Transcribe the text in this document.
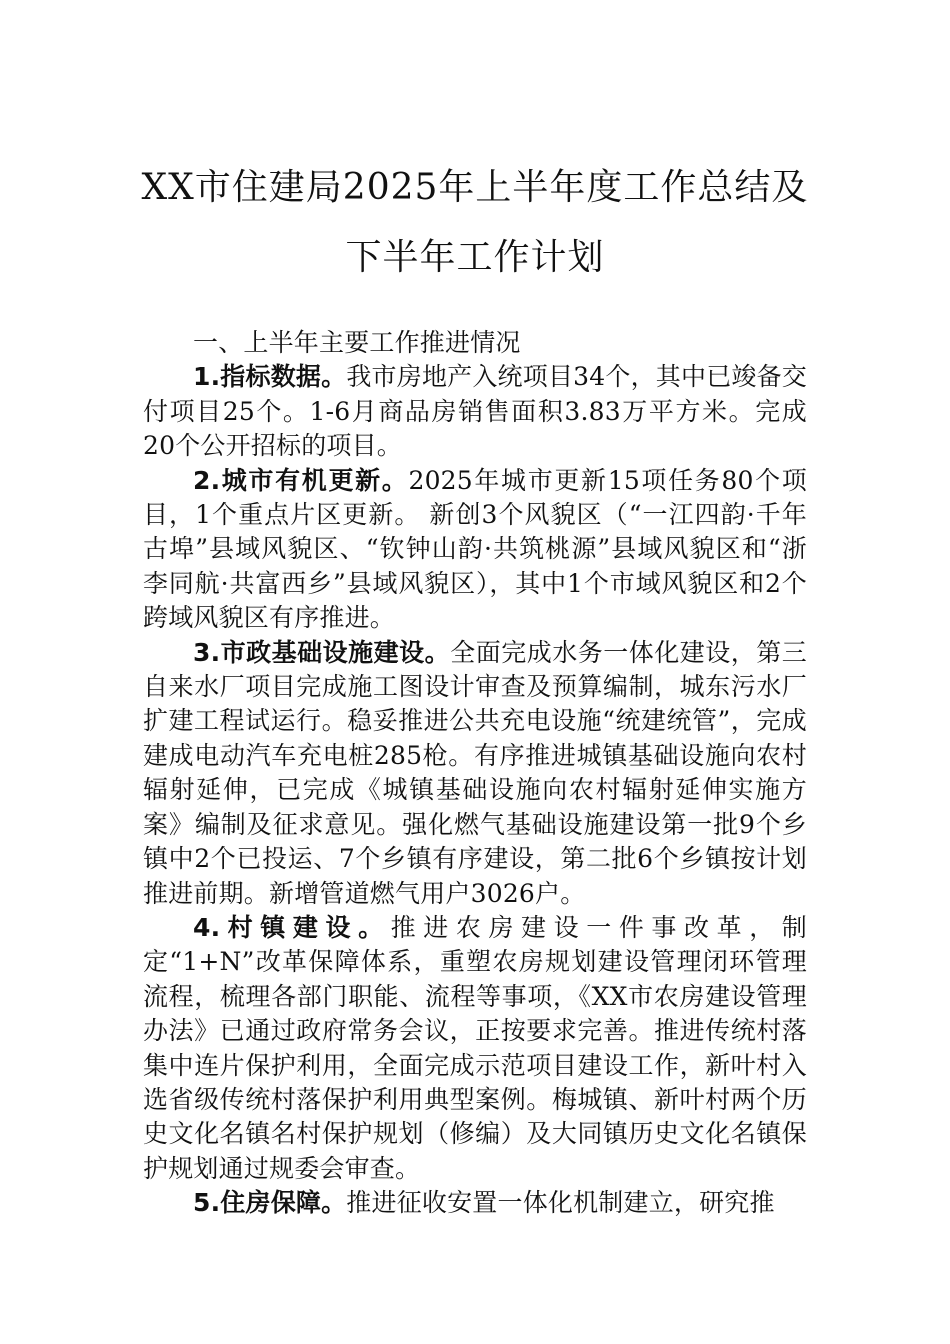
XX市住建局2025年上半年度工作总结及
下半年工作计划

一、上半年主要工作推进情况

1.指标数据。我市房地产入统项目34个，其中已竣备交付项目25个。1-6月商品房销售面积3.83万平方米。完成20个公开招标的项目。

2.城市有机更新。2025年城市更新15项任务80个项目，1个重点片区更新。 新创3个风貌区（“一江四韵·千年古埠”县域风貌区、“钦钟山韵·共筑桃源”县域风貌区和“浙李同航·共富西乡”县域风貌区），其中1个市域风貌区和2个跨域风貌区有序推进。

3.市政基础设施建设。全面完成水务一体化建设，第三自来水厂项目完成施工图设计审查及预算编制，城东污水厂扩建工程试运行。稳妥推进公共充电设施“统建统管”，完成建成电动汽车充电桩285枪。有序推进城镇基础设施向农村辐射延伸，已完成《城镇基础设施向农村辐射延伸实施方案》编制及征求意见。强化燃气基础设施建设第一批9个乡镇中2个已投运、7个乡镇有序建设，第二批6个乡镇按计划推进前期。新增管道燃气用户3026户。

4.村镇建设。推进农房建设一件事改革，制定“1+N”改革保障体系，重塑农房规划建设管理闭环管理流程，梳理各部门职能、流程等事项，《XX市农房建设管理办法》已通过政府常务会议，正按要求完善。推进传统村落集中连片保护利用，全面完成示范项目建设工作，新叶村入选省级传统村落保护利用典型案例。梅城镇、新叶村两个历史文化名镇名村保护规划（修编）及大同镇历史文化名镇保护规划通过规委会审查。

5.住房保障。推进征收安置一体化机制建立，研究推
